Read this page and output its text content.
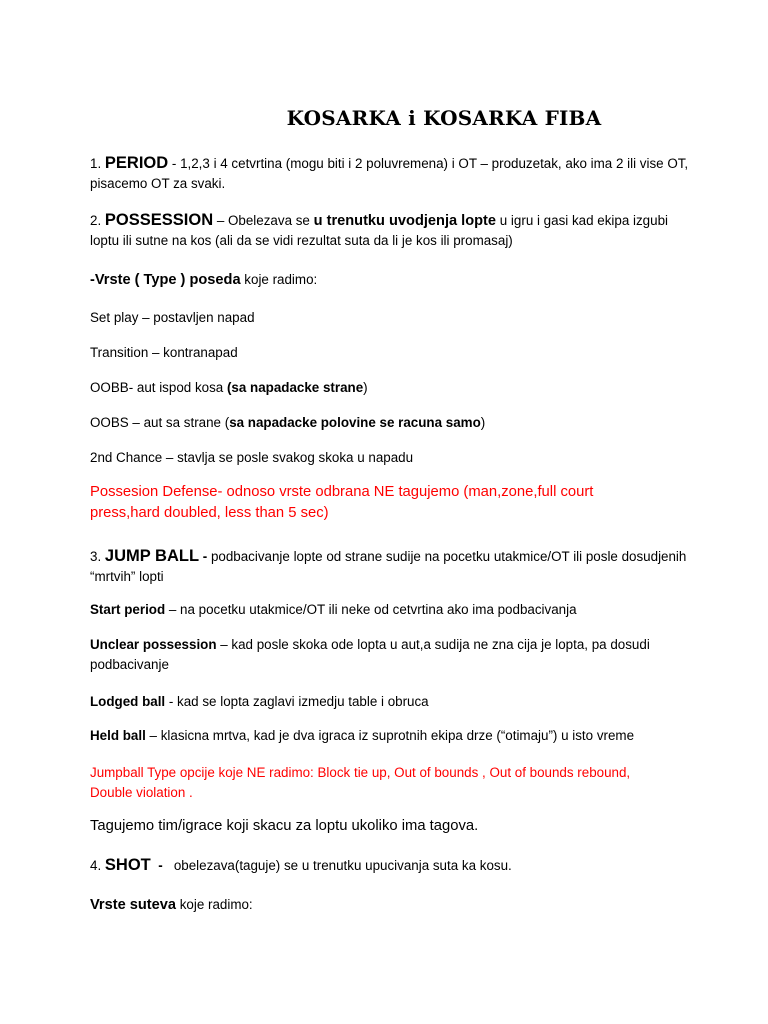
KOSARKA i KOSARKA FIBA
1. PERIOD - 1,2,3 i 4 cetvrtina (mogu biti i 2 poluvremena) i OT – produzetak, ako ima 2 ili vise OT, pisacemo OT za svaki.
2. POSSESSION – Obelezava se u trenutku uvodjenja lopte u igru i gasi kad ekipa izgubi loptu ili sutne na kos (ali da se vidi rezultat suta da li je kos ili promasaj)
-Vrste ( Type ) poseda koje radimo:
Set play – postavljen napad
Transition – kontranapad
OOBB- aut ispod kosa (sa napadacke strane)
OOBS – aut sa strane (sa napadacke polovine se racuna samo)
2nd Chance – stavlja se posle svakog skoka u napadu
Possesion Defense- odnoso vrste odbrana NE tagujemo (man,zone,full court press,hard doubled, less than 5 sec)
3. JUMP BALL - podbacivanje lopte od strane sudije na pocetku utakmice/OT ili posle dosudjenih “mrtvih” lopti
Start period – na pocetku utakmice/OT ili neke od cetvrtina ako ima podbacivanja
Unclear possession – kad posle skoka ode lopta u aut,a sudija ne zna cija je lopta, pa dosudi podbacivanje
Lodged ball - kad se lopta zaglavi izmedju table i obruca
Held ball – klasicna mrtva, kad je dva igraca iz suprotnih ekipa drze (“otimaju”) u isto vreme
Jumpball Type opcije koje NE radimo: Block tie up, Out of bounds , Out of bounds rebound, Double violation .
Tagujemo tim/igrace koji skacu za loptu ukoliko ima tagova.
4. SHOT  -   obelezava(taguje) se u trenutku upucivanja suta ka kosu.
Vrste suteva koje radimo:
